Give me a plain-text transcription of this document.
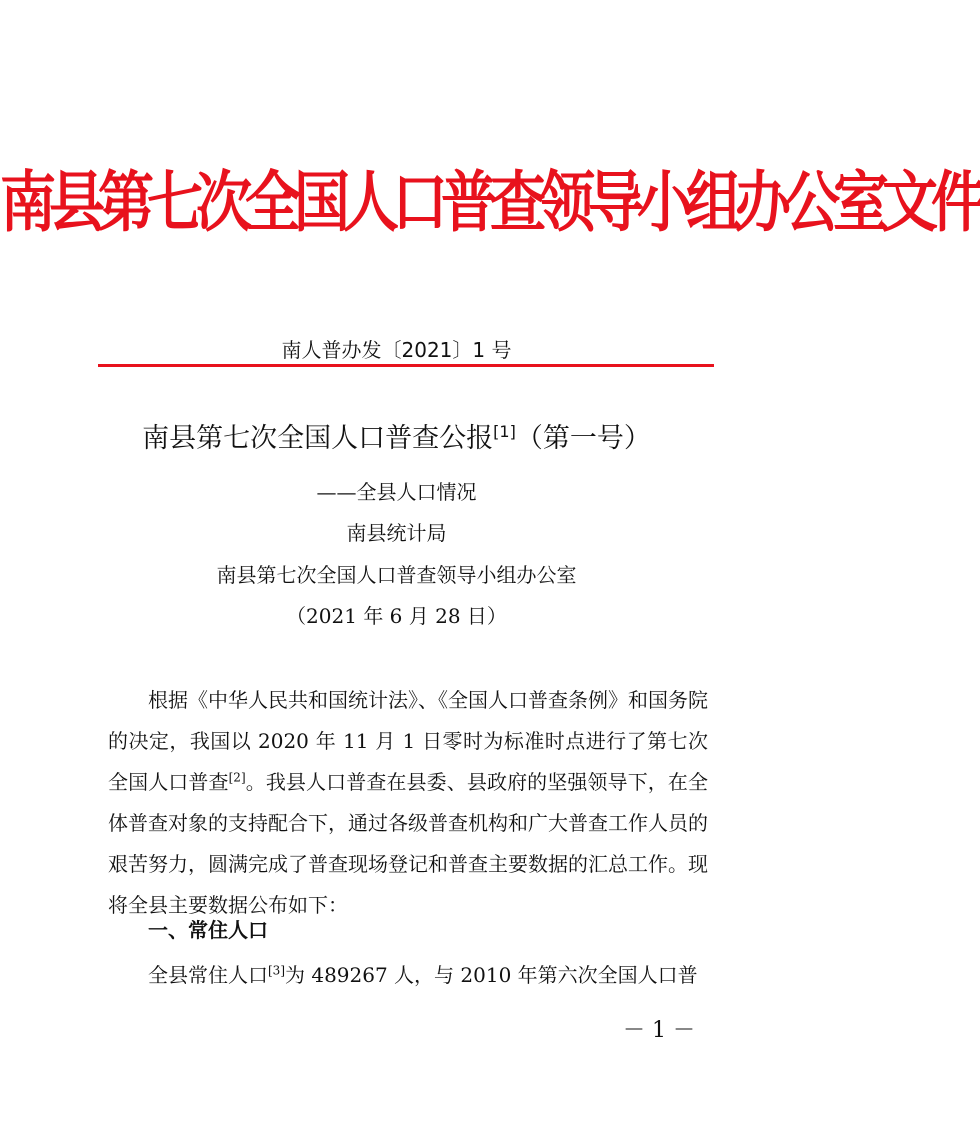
南县第七次全国人口普查领导小组办公室文件
南人普办发〔2021〕1 号
南县第七次全国人口普查公报[1]（第一号）
——全县人口情况
南县统计局
南县第七次全国人口普查领导小组办公室
（2021 年 6 月 28 日）
根据《中华人民共和国统计法》、《全国人口普查条例》和国务院的决定，我国以 2020 年 11 月 1 日零时为标准时点进行了第七次全国人口普查[2]。我县人口普查在县委、县政府的坚强领导下，在全体普查对象的支持配合下，通过各级普查机构和广大普查工作人员的艰苦努力，圆满完成了普查现场登记和普查主要数据的汇总工作。现将全县主要数据公布如下：
一、常住人口
全县常住人口[3]为 489267 人，与 2010 年第六次全国人口普
－ 1 －
